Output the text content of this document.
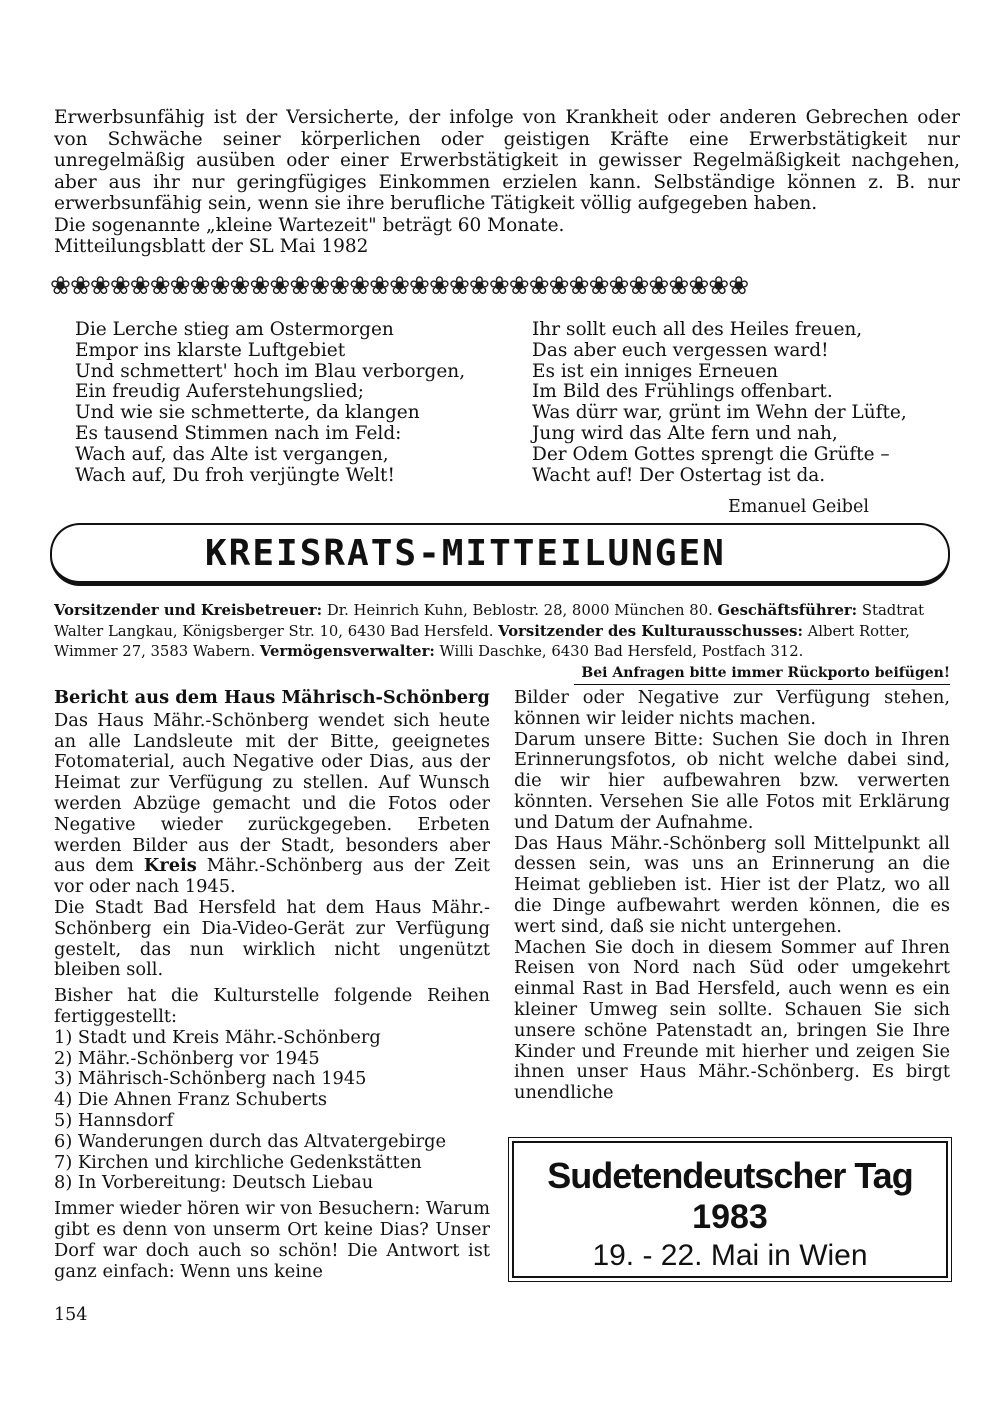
Erwerbsunfähig ist der Versicherte, der infolge von Krankheit oder anderen Gebrechen oder von Schwäche seiner körperlichen oder geistigen Kräfte eine Erwerbstätigkeit nur unregelmäßig ausüben oder einer Erwerbstätigkeit in gewisser Regelmäßigkeit nachgehen, aber aus ihr nur geringfügiges Einkommen erzielen kann. Selbständige können z. B. nur erwerbsunfähig sein, wenn sie ihre berufliche Tätigkeit völlig aufgegeben haben.

Die sogenannte „kleine Wartezeit" beträgt 60 Monate.

Mitteilungsblatt der SL Mai 1982

❀❀❀❀❀❀❀❀❀❀❀❀❀❀❀❀❀❀❀❀❀❀❀❀❀❀❀❀❀❀❀❀❀❀❀
Die Lerche stieg am Ostermorgen
Empor ins klarste Luftgebiet
Und schmettert' hoch im Blau verborgen,
Ein freudig Auferstehungslied;
Und wie sie schmetterte, da klangen
Es tausend Stimmen nach im Feld:
Wach auf, das Alte ist vergangen,
Wach auf, Du froh verjüngte Welt!
Ihr sollt euch all des Heiles freuen,
Das aber euch vergessen ward!
Es ist ein inniges Erneuen
Im Bild des Frühlings offenbart.
Was dürr war, grünt im Wehn der Lüfte,
Jung wird das Alte fern und nah,
Der Odem Gottes sprengt die Grüfte –
Wacht auf! Der Ostertag ist da.
Emanuel Geibel
KREISRATS-MITTEILUNGEN
Vorsitzender und Kreisbetreuer: Dr. Heinrich Kuhn, Beblostr. 28, 8000 München 80. Geschäftsführer: Stadtrat Walter Langkau, Königsberger Str. 10, 6430 Bad Hersfeld. Vorsitzender des Kulturausschusses: Albert Rotter, Wimmer 27, 3583 Wabern. Vermögensverwalter: Willi Daschke, 6430 Bad Hersfeld, Postfach 312.
Bei Anfragen bitte immer Rückporto beifügen!
Bericht aus dem Haus Mährisch-Schönberg

Das Haus Mähr.-Schönberg wendet sich heute an alle Landsleute mit der Bitte, geeignetes Fotomaterial, auch Negative oder Dias, aus der Heimat zur Verfügung zu stellen. Auf Wunsch werden Abzüge gemacht und die Fotos oder Negative wieder zurückgegeben. Erbeten werden Bilder aus der Stadt, besonders aber aus dem Kreis Mähr.-Schönberg aus der Zeit vor oder nach 1945.

Die Stadt Bad Hersfeld hat dem Haus Mähr.-Schönberg ein Dia-Video-Gerät zur Verfügung gestelt, das nun wirklich nicht ungenützt bleiben soll.

Bisher hat die Kulturstelle folgende Reihen fertiggestellt:

1) Stadt und Kreis Mähr.-Schönberg
2) Mähr.-Schönberg vor 1945
3) Mährisch-Schönberg nach 1945
4) Die Ahnen Franz Schuberts
5) Hannsdorf
6) Wanderungen durch das Altvatergebirge
7) Kirchen und kirchliche Gedenkstätten
8) In Vorbereitung: Deutsch Liebau

Immer wieder hören wir von Besuchern: Warum gibt es denn von unserm Ort keine Dias? Unser Dorf war doch auch so schön! Die Antwort ist ganz einfach: Wenn uns keine

Bilder oder Negative zur Verfügung stehen, können wir leider nichts machen.

Darum unsere Bitte: Suchen Sie doch in Ihren Erinnerungsfotos, ob nicht welche dabei sind, die wir hier aufbewahren bzw. verwerten könnten. Versehen Sie alle Fotos mit Erklärung und Datum der Aufnahme.

Das Haus Mähr.-Schönberg soll Mittelpunkt all dessen sein, was uns an Erinnerung an die Heimat geblieben ist. Hier ist der Platz, wo all die Dinge aufbewahrt werden können, die es wert sind, daß sie nicht untergehen.

Machen Sie doch in diesem Sommer auf Ihren Reisen von Nord nach Süd oder umgekehrt einmal Rast in Bad Hersfeld, auch wenn es ein kleiner Umweg sein sollte. Schauen Sie sich unsere schöne Patenstadt an, bringen Sie Ihre Kinder und Freunde mit hierher und zeigen Sie ihnen unser Haus Mähr.-Schönberg. Es birgt unendliche

Sudetendeutscher Tag
1983
19. - 22. Mai in Wien
154
